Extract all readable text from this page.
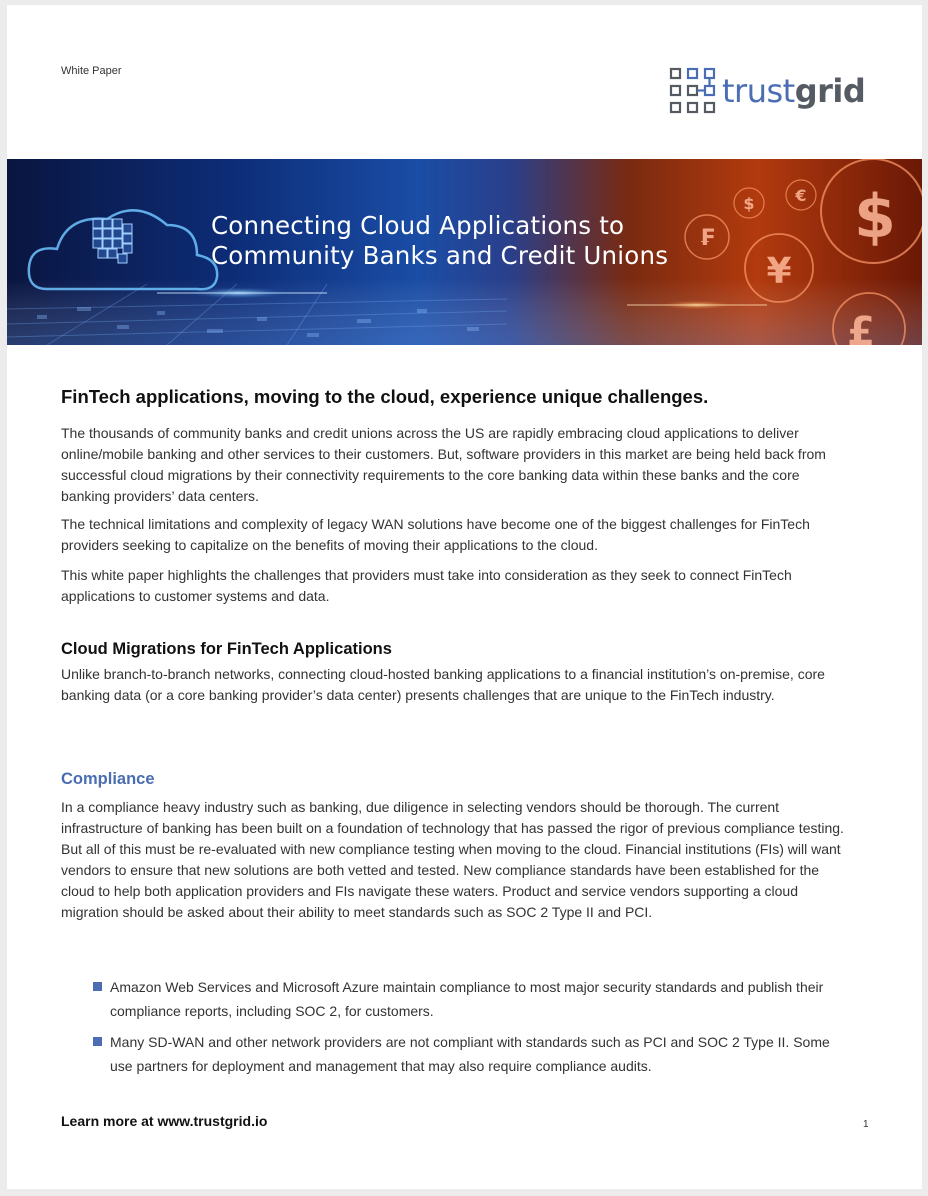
White Paper
trustgrid
$
¥
€
₣
$
£
Connecting Cloud Applications to
Community Banks and Credit Unions
FinTech applications, moving to the cloud, experience unique challenges.
The thousands of community banks and credit unions across the US are rapidly embracing cloud applications to deliver online/mobile banking and other services to their customers. But, software providers in this market are being held back from successful cloud migrations by their connectivity requirements to the core banking data within these banks and the core banking providers’ data centers.
The technical limitations and complexity of legacy WAN solutions have become one of the biggest challenges for FinTech providers seeking to capitalize on the benefits of moving their applications to the cloud.
This white paper highlights the challenges that providers must take into consideration as they seek to connect FinTech applications to customer systems and data.
Cloud Migrations for FinTech Applications
Unlike branch-to-branch networks, connecting cloud-hosted banking applications to a financial institution’s on-premise, core banking data (or a core banking provider’s data center) presents challenges that are unique to the FinTech industry.
Compliance
In a compliance heavy industry such as banking, due diligence in selecting vendors should be thorough. The current infrastructure of banking has been built on a foundation of technology that has passed the rigor of previous compliance testing. But all of this must be re-evaluated with new compliance testing when moving to the cloud. Financial institutions (FIs) will want vendors to ensure that new solutions are both vetted and tested. New compliance standards have been established for the cloud to help both application providers and FIs navigate these waters. Product and service vendors supporting a cloud migration should be asked about their ability to meet standards such as SOC 2 Type II and PCI.
Amazon Web Services and Microsoft Azure maintain compliance to most major security standards and publish their compliance reports, including SOC 2, for customers.
Many SD-WAN and other network providers are not compliant with standards such as PCI and SOC 2 Type II. Some use partners for deployment and management that may also require compliance audits.
Learn more at www.trustgrid.io	1
